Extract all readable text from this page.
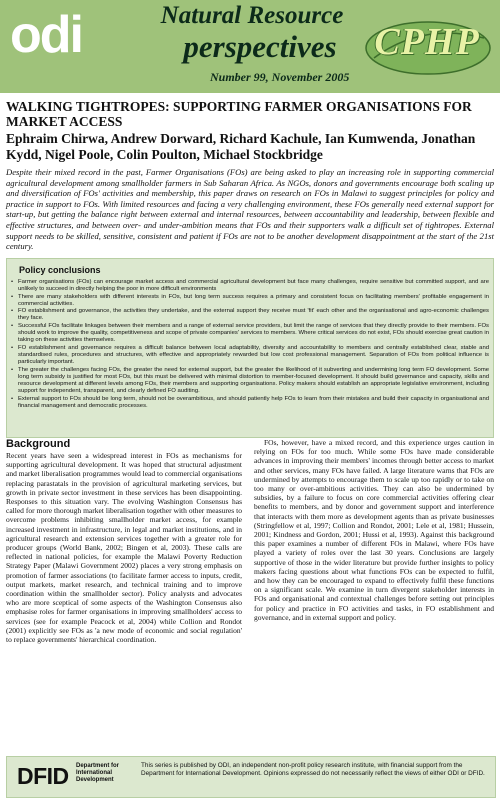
odi	Natural Resource
perspectives
Number 99, November 2005
CPHP
WALKING TIGHTROPES: SUPPORTING FARMER ORGANISATIONS FOR MARKET ACCESS
Ephraim Chirwa, Andrew Dorward, Richard Kachule, Ian Kumwenda, Jonathan Kydd, Nigel Poole, Colin Poulton, Michael Stockbridge
Despite their mixed record in the past, Farmer Organisations (FOs) are being asked to play an increasing role in supporting commercial agricultural development among smallholder farmers in Sub Saharan Africa. As NGOs, donors and governments encourage both scaling up and diversification of FOs' activities and membership, this paper draws on research on FOs in Malawi to suggest principles for policy and practice in support to FOs. With limited resources and facing a very challenging environment, these FOs generally need external support for start-up, but getting the balance right between external and internal resources, between accountability and leadership, between flexible and effective structures, and between over- and under-ambition means that FOs and their supporters walk a difficult set of tightropes. External support needs to be skilled, sensitive, consistent and patient if FOs are not to be another development disappointment at the start of the 21st century.
Policy conclusions
• Farmer organisations (FOs) can encourage market access and commercial agricultural development but face many challenges, require sensitive but committed support, and are unlikely to succeed in directly helping the poor in more difficult environments
• There are many stakeholders with different interests in FOs, but long term success requires a primary and consistent focus on facilitating members' profitable engagement in commercial activities.
• FO establishment and governance, the activities they undertake, and the external support they receive must 'fit' each other and the organisational and agro-economic challenges they face.
• Successful FOs facilitate linkages between their members and a range of external service providers, but limit the range of services that they directly provide to their members. FOs should work to improve the quality, competitiveness and scope of private companies' services to members. Where critical services do not exist, FOs should exercise great caution in taking on these activities themselves.
• FO establishment and governance requires a difficult balance between local adaptability, diversity and accountability to members and centrally established clear, stable and standardised rules, procedures and structures, with effective and appropriately rewarded but low cost professional management. Separation of FOs from political influence is particularly important.
• The greater the challenges facing FOs, the greater the need for external support, but the greater the likelihood of it subverting and undermining long term FO development. Some long term subsidy is justified for most FOs, but this must be delivered with minimal distortion to member-focused development. It should build governance and capacity, skills and resource development at different levels among FOs, their members and supporting organisations. Policy makers should establish an appropriate legislative environment, including support for independent, transparent, and clearly defined FO auditing.
• External support to FOs should be long term, should not be overambitious, and should patiently help FOs to learn from their mistakes and build their capacity in organisational and financial management and democratic processes.
Background

Recent years have seen a widespread interest in FOs as mechanisms for supporting agricultural development. It was hoped that structural adjustment and market liberalisation programmes would lead to commercial organisations replacing parastatals in the provision of agricultural marketing services, but growth in private sector investment in these services has been disappointing. Responses to this situation vary. The evolving Washington Consensus has called for more thorough market liberalisation together with other measures to overcome problems inhibiting smallholder market access, for example increased investment in infrastructure, in legal and market institutions, and in agricultural research and extension services together with a greater role for producer groups (World Bank, 2002; Bingen et al, 2003). These calls are reflected in national policies, for example the Malawi Poverty Reduction Strategy Paper (Malawi Government 2002) places a very strong emphasis on promotion of farmer associations (to facilitate farmer access to inputs, credit, output markets, market research, and technical training and to improve coordination within the smallholder sector). Policy analysts and advocates who are more sceptical of some aspects of the Washington Consensus also emphasise roles for farmer organisations in improving smallholders' access to services (see for example Peacock et al, 2004) while Collion and Rondot (2001) explicitly see FOs as 'a new mode of economic and social regulation' to replace governments' hierarchical coordination.

FOs, however, have a mixed record, and this experience urges caution in relying on FOs for too much. While some FOs have made considerable advances in improving their members' incomes through better access to market and other services, many FOs have failed. A large literature warns that FOs are undermined by attempts to encourage them to scale up too rapidly or to take on too many or over-ambitious activities. They can also be undermined by subsidies, by a failure to focus on core commercial activities offering clear benefits to members, and by donor and government support and interference that interacts with them more as development agents than as private businesses (Stringfellow et al, 1997; Collion and Rondot, 2001; Lele et al, 1981; Hussein, 2001; Kindness and Gordon, 2001; Hussi et al, 1993). Against this background this paper examines a number of different FOs in Malawi, where FOs have played a variety of roles over the last 30 years. Conclusions are largely supportive of those in the wider literature but provide further insights to policy makers facing questions about what functions FOs can be expected to fulfil, and how they can be encouraged to expand to effectively fulfil these functions on a significant scale. We examine in turn divergent stakeholder interests in FOs and organisational and contextual challenges before setting out principles for policy and practice in FO activities and tasks, in FO establishment and governance, and in external support and policy.

DFID Department for International Development
This series is published by ODI, an independent non-profit policy research institute, with financial support from the Department for International Development. Opinions expressed do not necessarily reflect the views of either ODI or DFID.
